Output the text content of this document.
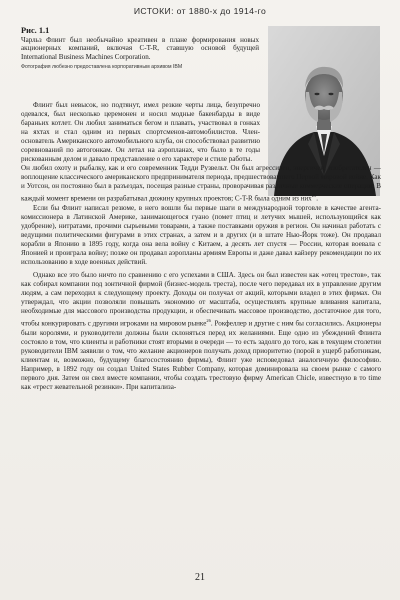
ИСТОКИ: от 1880-х до 1914-го
Рис. 1.1
Чарльз Флинт был необычайно креативен в плане формирования новых акционерных компаний, включая C-T-R, ставшую основой будущей International Business Machines Corporation.
Фотография любезно предоставлена корпоративным архивом IBM

Флинт был невысок, но подтянут, имел резкие черты лица, безупречно одевался, был несколько церемонен и носил модные бакенбарды в виде бараньих котлет. Он любил заниматься бегом и плавать, участвовал в гонках на яхтах и стал одним из первых спортсменов-автомобилистов. Член-основатель Американского автомобильного клуба, он способствовал развитию соревнований по автогонкам. Он летал на аэропланах, что было в те годы рискованным делом и давало представление о его характере и стиле работы.

Он любил охоту и рыбалку, как и его современник Тедди Рузвельт. Он был агрессивен, энергичен, изобретателен — воплощение классического американского предпринимателя периода, предшествовавшего Первой мировой войне. Как и Уотсон, он постоянно был в разъездах, посещая разные страны, проворачивая различные коммерческие операции. В каждый момент времени он разрабатывал дюжину крупных проектов; C-T-R была одним из них$^{25}$.

Если бы Флинт написал резюме, в него вошли бы первые шаги в международной торговле в качестве агента-комиссионера в Латинской Америке, занимающегося гуано (помет птиц и летучих мышей, использующийся как удобрение), нитратами, прочими сырьевыми товарами, а также поставками оружия в регион. Он начинал работать с ведущими политическими фигурами в этих странах, а затем и в других (и в штате Нью-Йорк тоже). Он продавал корабли в Японию в 1895 году, когда она вела войну с Китаем, а десять лет спустя — России, которая воевала с Японией и проиграла войну; позже он продавал аэропланы армиям Европы и даже давал кайзеру рекомендации по их использованию в ходе военных действий.

Однако все это было ничто по сравнению с его успехами в США. Здесь он был известен как «отец трестов», так как собирал компании под зонтичной фирмой (бизнес-модель треста), после чего передавал их в управление другим людям, а сам переходил к следующему проекту. Доходы он получал от акций, которыми владел в этих фирмах. Он утверждал, что акции позволяли повышать экономию от масштаба, осуществлять крупные вливания капитала, необходимые для массового производства продукции, и обеспечивать массовое производство, достаточное для того, чтобы конкурировать с другими игроками на мировом рынке$^{26}$. Рокфеллер и другие с ним бы согласились. Акционеры были королями, и руководители должны были склоняться перед их желаниями. Еще одно из убеждений Флинта состояло в том, что клиенты и работники стоят вторыми в очереди — то есть задолго до того, как в текущем столетии руководители IBM заявили о том, что желание акционеров получать доход приоритетно (порой в ущерб работникам, клиентам и, возможно, будущему благосостоянию фирмы), Флинт уже исповедовал аналогичную философию. Например, в 1892 году он создал United States Rubber Company, которая доминировала на своем рынке с самого первого дня. Затем он свел вместе компании, чтобы создать трестовую фирму American Chicle, известную в то time как «трест жевательной резинки». При капитализа-

21
